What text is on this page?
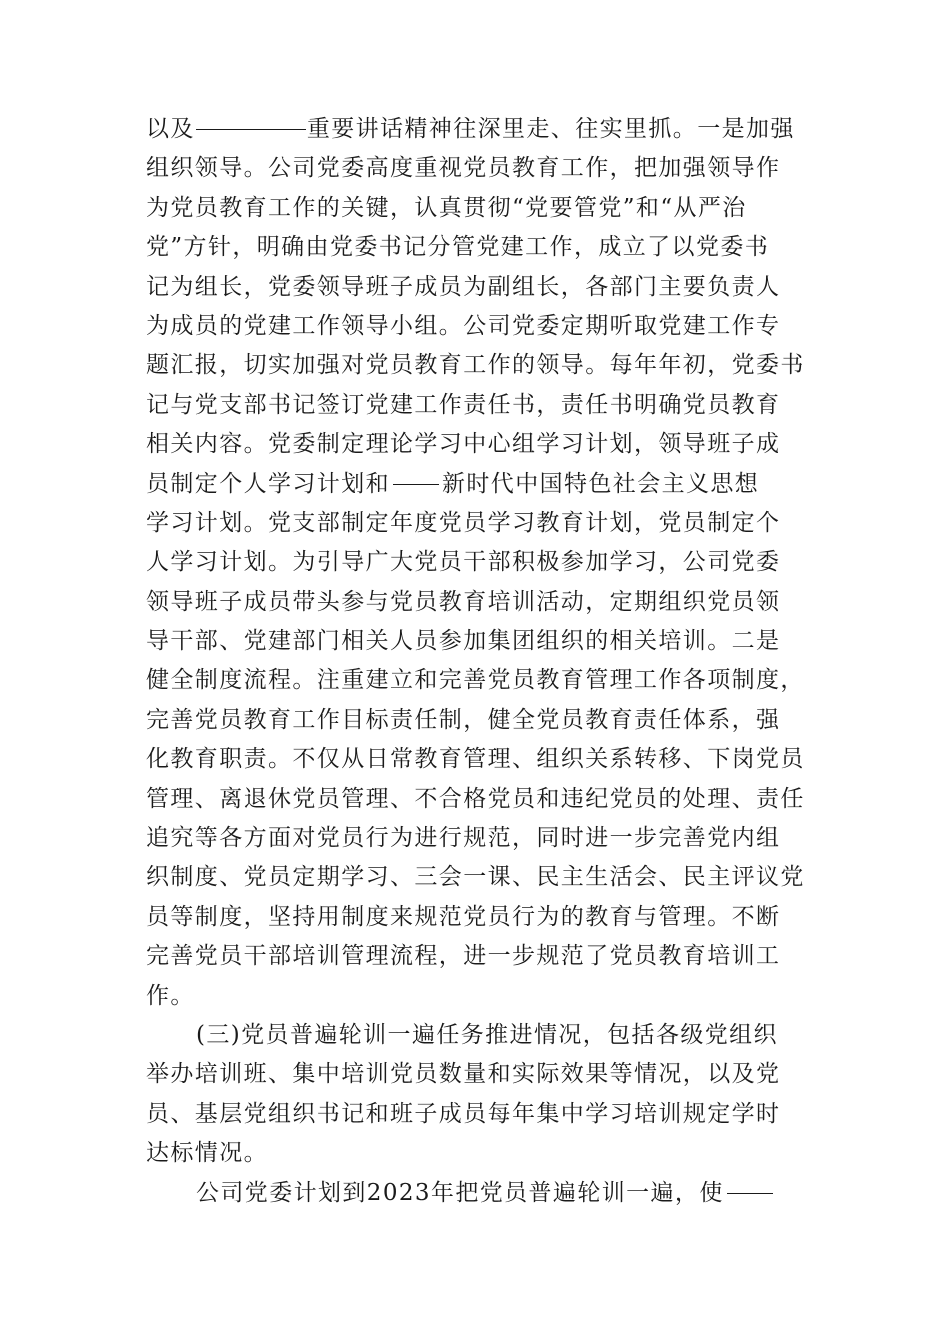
以及	重要讲话精神往深里走、往实里抓。一是加强
组织领导。公司党委高度重视党员教育工作，把加强领导作
为党员教育工作的关键，认真贯彻“党要管党”和“从严治
党”方针，明确由党委书记分管党建工作，成立了以党委书
记为组长，党委领导班子成员为副组长，各部门主要负责人
为成员的党建工作领导小组。公司党委定期听取党建工作专
题汇报，切实加强对党员教育工作的领导。每年年初，党委书
记与党支部书记签订党建工作责任书，责任书明确党员教育
相关内容。党委制定理论学习中心组学习计划，领导班子成
员制定个人学习计划和 新时代中国特色社会主义思想
学习计划。党支部制定年度党员学习教育计划，党员制定个
人学习计划。为引导广大党员干部积极参加学习，公司党委
领导班子成员带头参与党员教育培训活动，定期组织党员领
导干部、党建部门相关人员参加集团组织的相关培训。二是
健全制度流程。注重建立和完善党员教育管理工作各项制度，
完善党员教育工作目标责任制，健全党员教育责任体系，强
化教育职责。不仅从日常教育管理、组织关系转移、下岗党员
管理、离退休党员管理、不合格党员和违纪党员的处理、责任
追究等各方面对党员行为进行规范，同时进一步完善党内组
织制度、党员定期学习、三会一课、民主生活会、民主评议党
员等制度，坚持用制度来规范党员行为的教育与管理。不断
完善党员干部培训管理流程，进一步规范了党员教育培训工
作。
(三)党员普遍轮训一遍任务推进情况，包括各级党组织
举办培训班、集中培训党员数量和实际效果等情况，以及党
员、基层党组织书记和班子成员每年集中学习培训规定学时
达标情况。
公司党委计划到2023年把党员普遍轮训一遍，使
